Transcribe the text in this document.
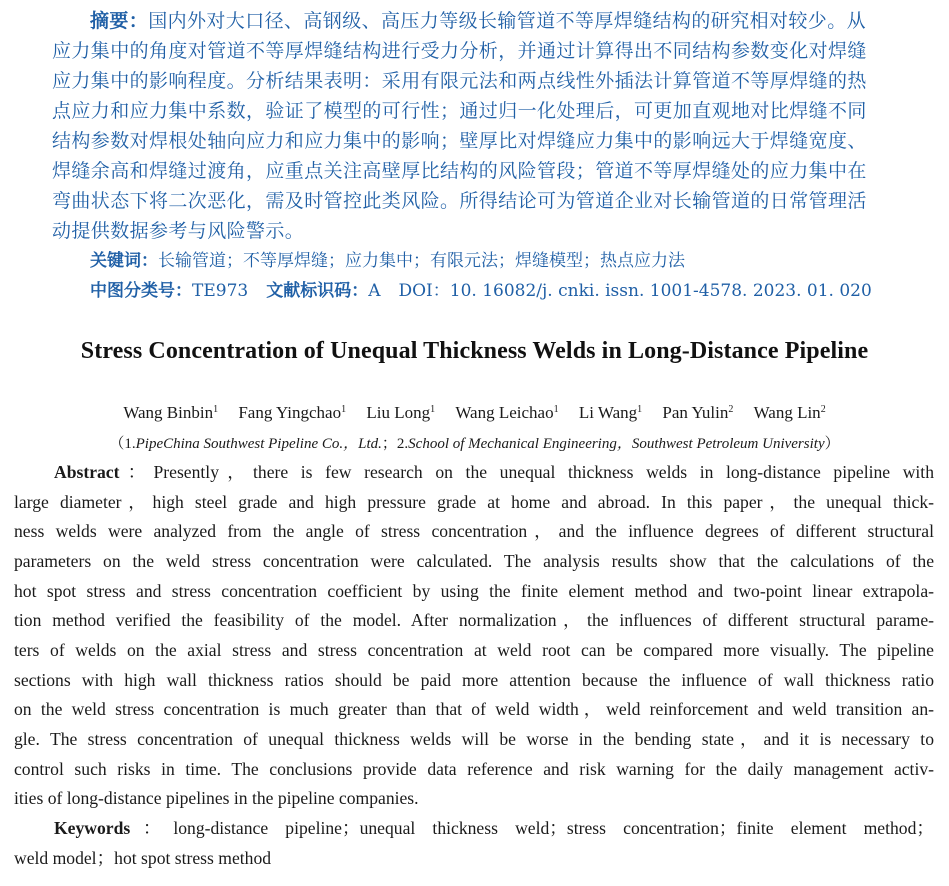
摘要：国内外对大口径、高钢级、高压力等级长输管道不等厚焊缝结构的研究相对较少。从
应力集中的角度对管道不等厚焊缝结构进行受力分析，并通过计算得出不同结构参数变化对焊缝
应力集中的影响程度。分析结果表明：采用有限元法和两点线性外插法计算管道不等厚焊缝的热
点应力和应力集中系数，验证了模型的可行性；通过归一化处理后，可更加直观地对比焊缝不同
结构参数对焊根处轴向应力和应力集中的影响；壁厚比对焊缝应力集中的影响远大于焊缝宽度、
焊缝余高和焊缝过渡角，应重点关注高壁厚比结构的风险管段；管道不等厚焊缝处的应力集中在
弯曲状态下将二次恶化，需及时管控此类风险。所得结论可为管道企业对长输管道的日常管理活
动提供数据参考与风险警示。
关键词：长输管道；不等厚焊缝；应力集中；有限元法；焊缝模型；热点应力法
中图分类号：TE973 文献标识码：A DOI：10. 16082/j. cnki. issn. 1001-4578. 2023. 01. 020
Stress Concentration of Unequal Thickness Welds in Long-Distance Pipeline
Wang Binbin$^1$ Fang Yingchao$^1$ Liu Long$^1$ Wang Leichao$^1$ Li Wang$^1$ Pan Yulin$^2$ Wang Lin$^2$
（1.PipeChina Southwest Pipeline Co.，Ltd.；2.School of Mechanical Engineering，Southwest Petroleum University）
Abstract：Presently，there is few research on the unequal thickness welds in long-distance pipeline with
large diameter，high steel grade and high pressure grade at home and abroad. In this paper，the unequal thick-
ness welds were analyzed from the angle of stress concentration，and the influence degrees of different structural
parameters on the weld stress concentration were calculated. The analysis results show that the calculations of the
hot spot stress and stress concentration coefficient by using the finite element method and two-point linear extrapola-
tion method verified the feasibility of the model. After normalization，the influences of different structural parame-
ters of welds on the axial stress and stress concentration at weld root can be compared more visually. The pipeline
sections with high wall thickness ratios should be paid more attention because the influence of wall thickness ratio
on the weld stress concentration is much greater than that of weld width，weld reinforcement and weld transition an-
gle. The stress concentration of unequal thickness welds will be worse in the bending state，and it is necessary to
control such risks in time. The conclusions provide data reference and risk warning for the daily management activ-
ities of long-distance pipelines in the pipeline companies.
Keywords：long-distance pipeline；unequal thickness weld；stress concentration；finite element method；
weld model；hot spot stress method
